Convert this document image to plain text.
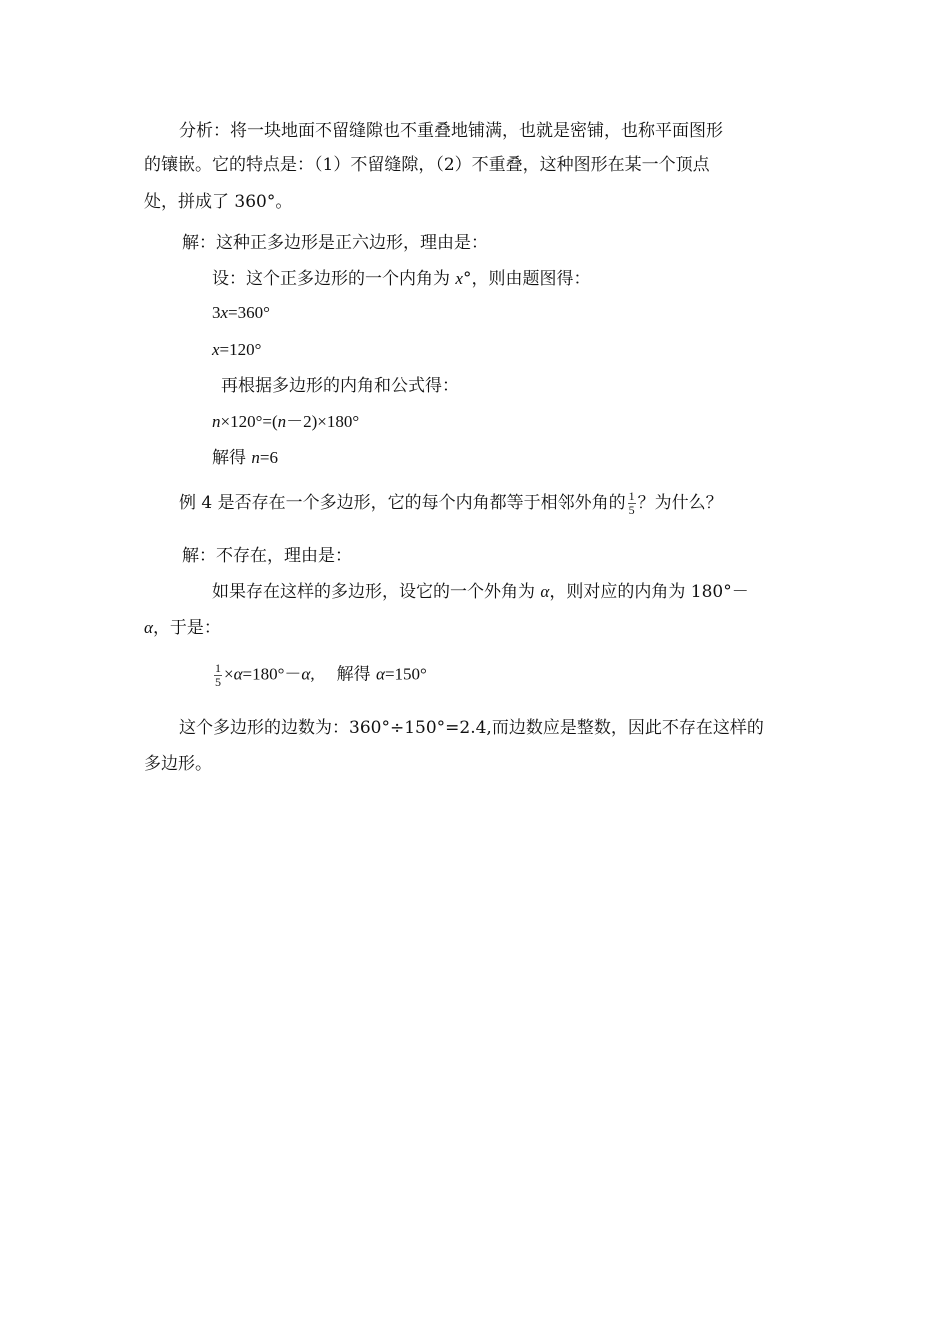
分析：将一块地面不留缝隙也不重叠地铺满，也就是密铺，也称平面图形
的镶嵌。它的特点是：（1）不留缝隙，（2）不重叠，这种图形在某一个顶点
处，拼成了 360°。
解：这种正多边形是正六边形，理由是：
设：这个正多边形的一个内角为 x°，则由题图得：
3x=360°
x=120°
再根据多边形的内角和公式得：
n×120°=(n－2)×180°
解得 n=6
例 4 是否存在一个多边形，它的每个内角都等于相邻外角的 $\frac{1}{5}$ ？为什么？
解：不存在，理由是：
如果存在这样的多边形，设它的一个外角为 α，则对应的内角为 180°－
α，于是：
$\frac{1}{5} \times\alpha=180^\circ-\alpha$, 解得 α=150°
这个多边形的边数为：360°÷150°=2.4,而边数应是整数，因此不存在这样的
多边形。
